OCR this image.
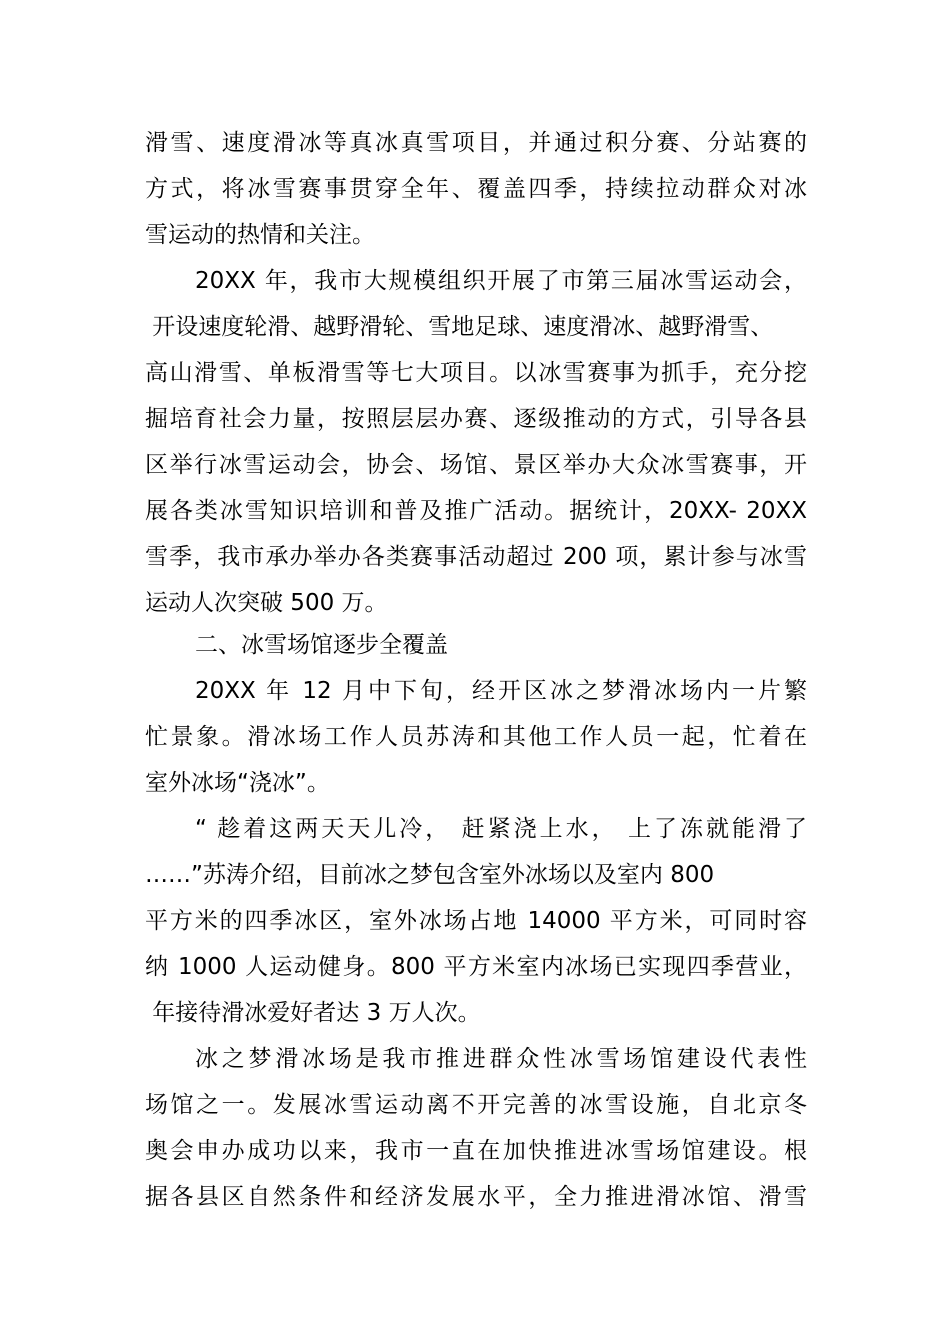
滑雪、速度滑冰等真冰真雪项目，并通过积分赛、分站赛的
方式，将冰雪赛事贯穿全年、覆盖四季，持续拉动群众对冰
雪运动的热情和关注。
20XX 年，我市大规模组织开展了市第三届冰雪运动会，
开设速度轮滑、越野滑轮、雪地足球、速度滑冰、越野滑雪、
高山滑雪、单板滑雪等七大项目。以冰雪赛事为抓手，充分挖
掘培育社会力量，按照层层办赛、逐级推动的方式，引导各县
区举行冰雪运动会，协会、场馆、景区举办大众冰雪赛事，开
展各类冰雪知识培训和普及推广活动。据统计，20XX- 20XX
雪季，我市承办举办各类赛事活动超过 200 项，累计参与冰雪
运动人次突破 500 万。
二、冰雪场馆逐步全覆盖
20XX 年 12 月中下旬，经开区冰之梦滑冰场内一片繁
忙景象。滑冰场工作人员苏涛和其他工作人员一起，忙着在
室外冰场“浇冰”。
“ 趁着这两天天儿冷， 赶紧浇上水， 上了冻就能滑了
……”苏涛介绍，目前冰之梦包含室外冰场以及室内 800
平方米的四季冰区，室外冰场占地 14000 平方米，可同时容
纳 1000 人运动健身。800 平方米室内冰场已实现四季营业，
年接待滑冰爱好者达 3 万人次。
冰之梦滑冰场是我市推进群众性冰雪场馆建设代表性
场馆之一。发展冰雪运动离不开完善的冰雪设施，自北京冬
奥会申办成功以来，我市一直在加快推进冰雪场馆建设。根
据各县区自然条件和经济发展水平，全力推进滑冰馆、滑雪
